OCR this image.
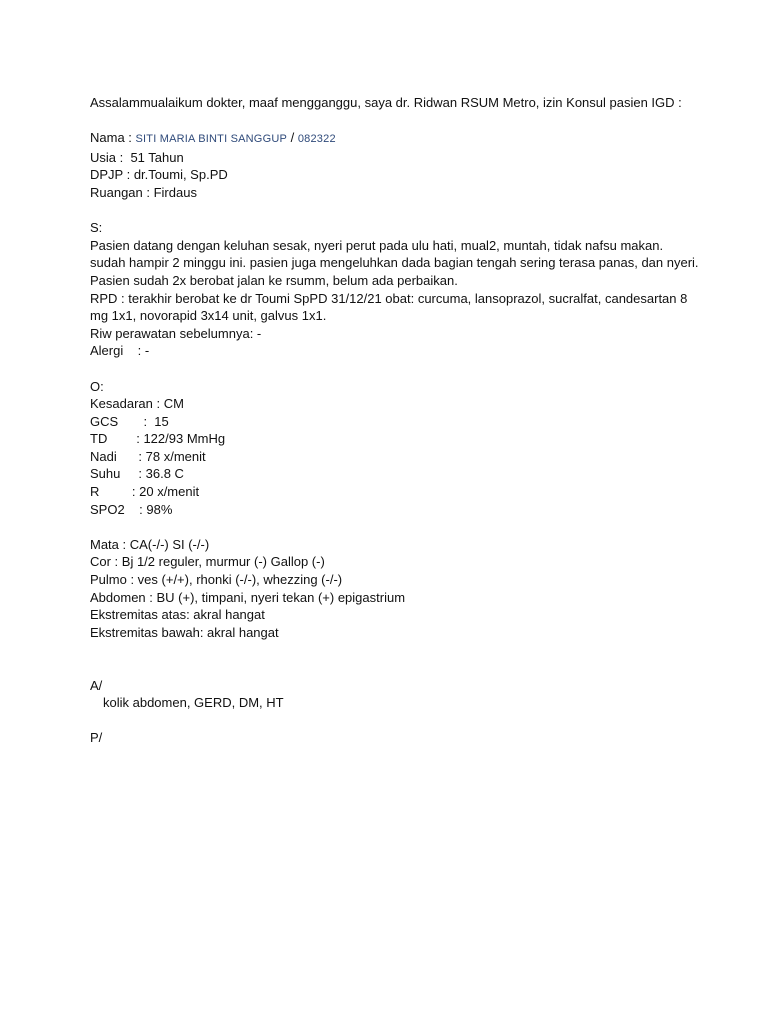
Assalammualaikum dokter, maaf mengganggu, saya dr. Ridwan RSUM Metro, izin Konsul pasien IGD :
Nama : SITI MARIA BINTI SANGGUP / 082322
Usia :  51 Tahun
DPJP : dr.Toumi, Sp.PD
Ruangan : Firdaus
S:
Pasien datang dengan keluhan sesak, nyeri perut pada ulu hati, mual2, muntah, tidak nafsu makan.
sudah hampir 2 minggu ini. pasien juga mengeluhkan dada bagian tengah sering terasa panas, dan nyeri.
Pasien sudah 2x berobat jalan ke rsumm, belum ada perbaikan.
RPD : terakhir berobat ke dr Toumi SpPD 31/12/21 obat: curcuma, lansoprazol, sucralfat, candesartan 8
mg 1x1, novorapid 3x14 unit, galvus 1x1.
Riw perawatan sebelumnya: -
Alergi    : -
O:
Kesadaran : CM
GCS       :  15
TD        : 122/93 MmHg
Nadi      : 78 x/menit
Suhu     : 36.8 C
R         : 20 x/menit
SPO2    : 98%
Mata : CA(-/-) SI (-/-)
Cor : Bj 1/2 reguler, murmur (-) Gallop (-)
Pulmo : ves (+/+), rhonki (-/-), whezzing (-/-)
Abdomen : BU (+), timpani, nyeri tekan (+) epigastrium
Ekstremitas atas: akral hangat
Ekstremitas bawah: akral hangat
A/
kolik abdomen, GERD, DM, HT
P/
